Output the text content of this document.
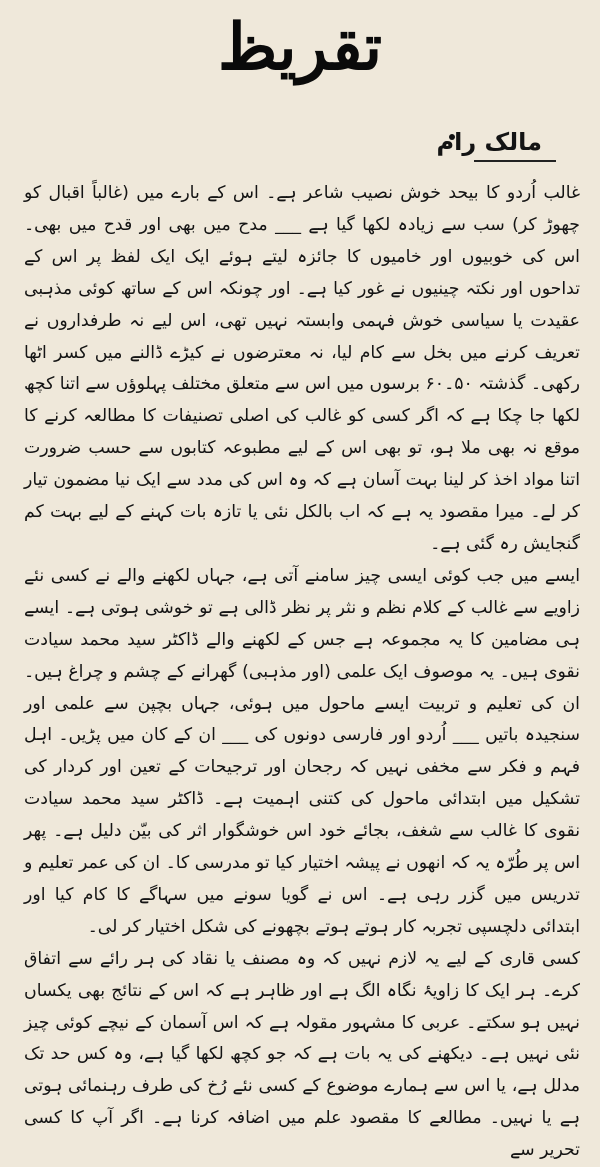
تقریظ
مالک رام

غالب اُردو کا بیحد خوش نصیب شاعر ہے۔ اس کے بارے میں (غالباً اقبال کو چھوڑ کر) سب سے زیادہ لکھا گیا ہے ___ مدح میں بھی اور قدح میں بھی۔ اس کی خوبیوں اور خامیوں کا جائزہ لیتے ہوئے ایک ایک لفظ پر اس کے تداحوں اور نکتہ چینیوں نے غور کیا ہے۔ اور چونکہ اس کے ساتھ کوئی مذہبی عقیدت یا سیاسی خوش فہمی وابستہ نہیں تھی، اس لیے نہ طرفداروں نے تعریف کرنے میں بخل سے کام لیا، نہ معترضوں نے کیڑے ڈالنے میں کسر اٹھا رکھی۔ گذشتہ ۵۰۔۶۰ برسوں میں اس سے متعلق مختلف پہلوؤں سے اتنا کچھ لکھا جا چکا ہے کہ اگر کسی کو غالب کی اصلی تصنیفات کا مطالعہ کرنے کا موقع نہ بھی ملا ہو، تو بھی اس کے لیے مطبوعہ کتابوں سے حسب ضرورت اتنا مواد اخذ کر لینا بہت آسان ہے کہ وہ اس کی مدد سے ایک نیا مضمون تیار کر لے۔ میرا مقصود یہ ہے کہ اب بالکل نئی یا تازہ بات کہنے کے لیے بہت کم گنجایش رہ گئی ہے۔

ایسے میں جب کوئی ایسی چیز سامنے آتی ہے، جہاں لکھنے والے نے کسی نئے زاویے سے غالب کے کلام نظم و نثر پر نظر ڈالی ہے تو خوشی ہوتی ہے۔ ایسے ہی مضامین کا یہ مجموعہ ہے جس کے لکھنے والے ڈاکٹر سید محمد سیادت نقوی ہیں۔ یہ موصوف ایک علمی (اور مذہبی) گھرانے کے چشم و چراغ ہیں۔ ان کی تعلیم و تربیت ایسے ماحول میں ہوئی، جہاں بچپن سے علمی اور سنجیدہ باتیں ___ اُردو اور فارسی دونوں کی ___ ان کے کان میں پڑیں۔ اہل فہم و فکر سے مخفی نہیں کہ رجحان اور ترجیحات کے تعین اور کردار کی تشکیل میں ابتدائی ماحول کی کتنی اہمیت ہے۔ ڈاکٹر سید محمد سیادت نقوی کا غالب سے شغف، بجائے خود اس خوشگوار اثر کی بیّن دلیل ہے۔ پھر اس پر طُرّہ یہ کہ انھوں نے پیشہ اختیار کیا تو مدرسی کا۔ ان کی عمر تعلیم و تدریس میں گزر رہی ہے۔ اس نے گویا سونے میں سہاگے کا کام کیا اور ابتدائی دلچسپی تجربہ کار ہوتے ہوتے بچھونے کی شکل اختیار کر لی۔

کسی قاری کے لیے یہ لازم نہیں کہ وہ مصنف یا نقاد کی ہر رائے سے اتفاق کرے۔ ہر ایک کا زاویۂ نگاہ الگ ہے اور ظاہر ہے کہ اس کے نتائج بھی یکساں نہیں ہو سکتے۔ عربی کا مشہور مقولہ ہے کہ اس آسمان کے نیچے کوئی چیز نئی نہیں ہے۔ دیکھنے کی یہ بات ہے کہ جو کچھ لکھا گیا ہے، وہ کس حد تک مدلل ہے، یا اس سے ہمارے موضوع کے کسی نئے رُخ کی طرف رہنمائی ہوتی ہے یا نہیں۔ مطالعے کا مقصود علم میں اضافہ کرنا ہے۔ اگر آپ کا کسی تحریر سے
